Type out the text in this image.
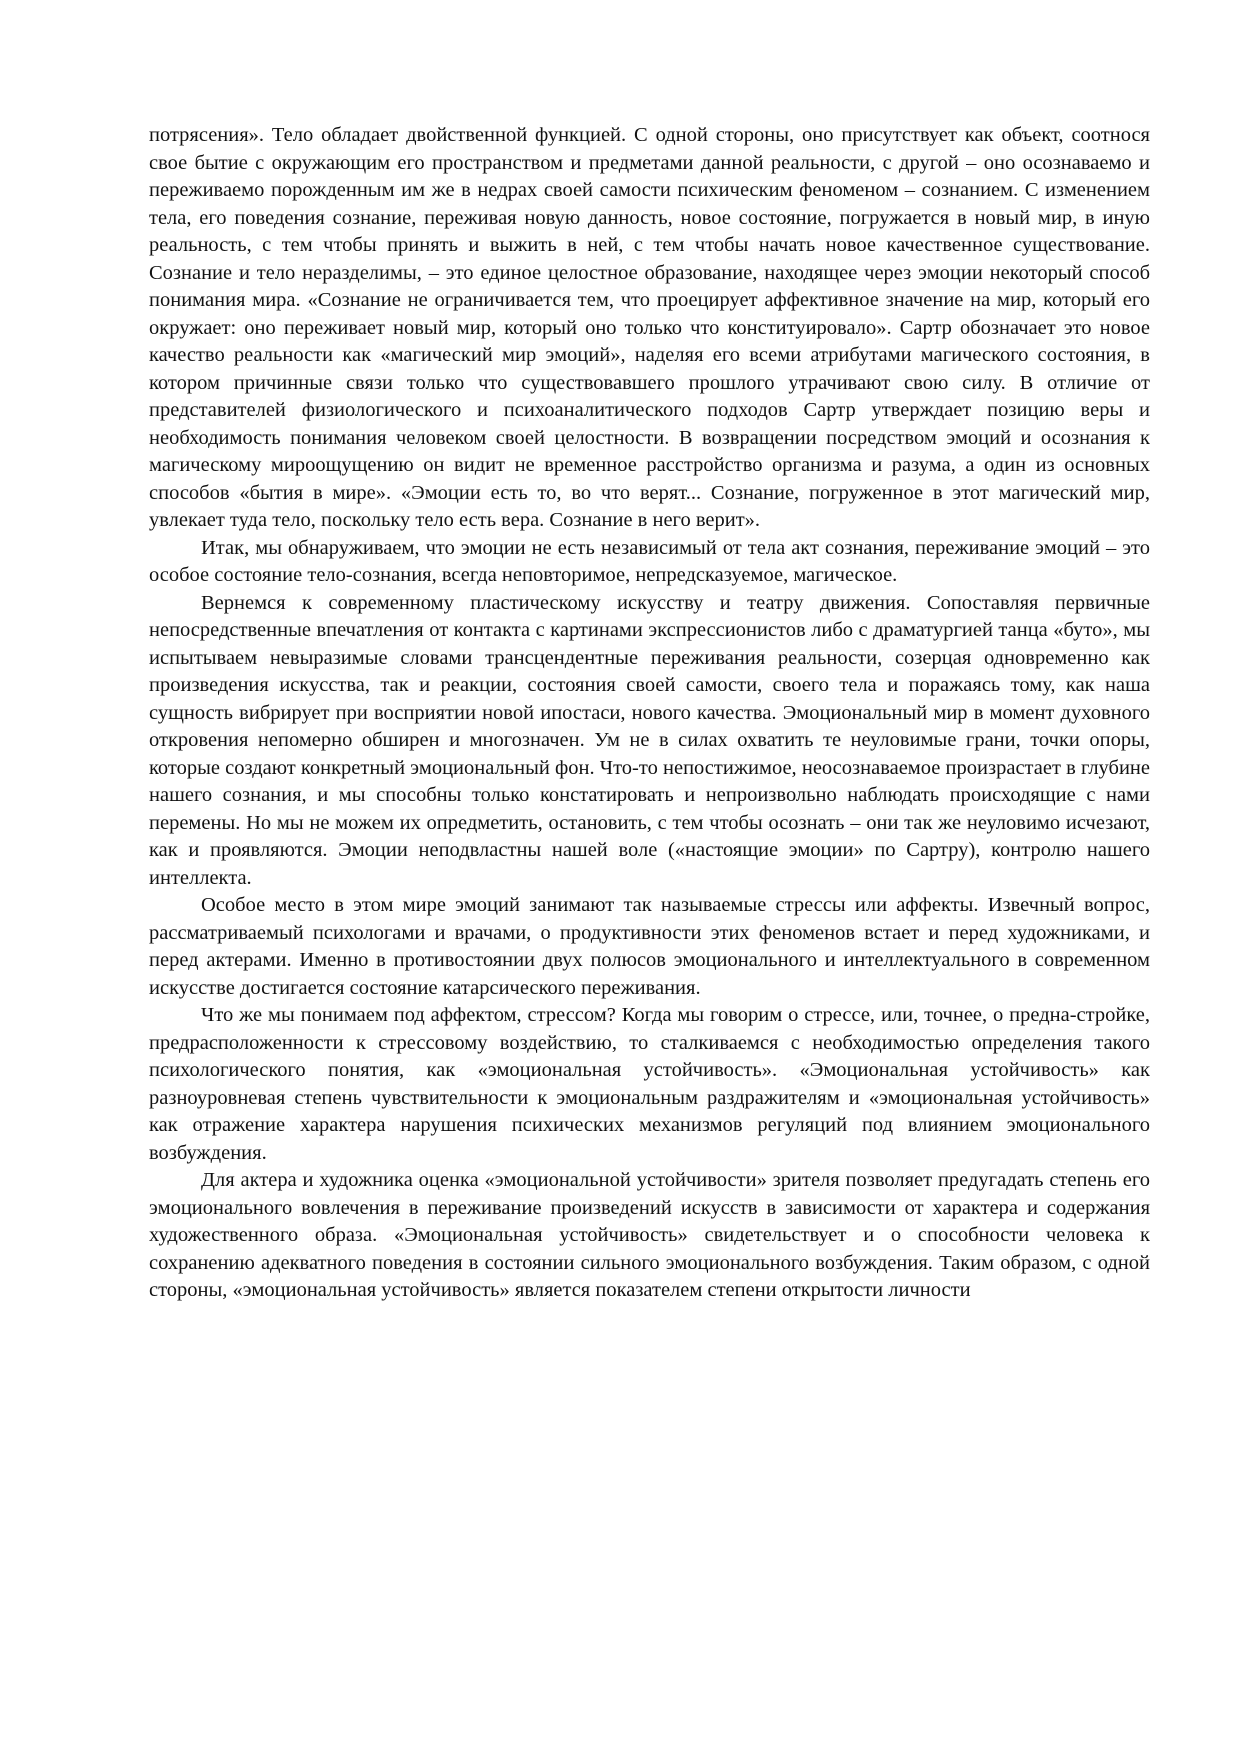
потрясения». Тело обладает двойственной функцией. С одной стороны, оно присутствует как объект, соотнося свое бытие с окружающим его пространством и предметами данной реальности, с другой – оно осознаваемо и переживаемо порожденным им же в недрах своей самости психическим феноменом – сознанием. С изменением тела, его поведения сознание, переживая новую данность, новое состояние, погружается в новый мир, в иную реальность, с тем чтобы принять и выжить в ней, с тем чтобы начать новое качественное существование. Сознание и тело неразделимы, – это единое целостное образование, находящее через эмоции некоторый способ понимания мира. «Сознание не ограничивается тем, что проецирует аффективное значение на мир, который его окружает: оно переживает новый мир, который оно только что конституировало». Сартр обозначает это новое качество реальности как «магический мир эмоций», наделяя его всеми атрибутами магического состояния, в котором причинные связи только что существовавшего прошлого утрачивают свою силу. В отличие от представителей физиологического и психоаналитического подходов Сартр утверждает позицию веры и необходимость понимания человеком своей целостности. В возвращении посредством эмоций и осознания к магическому мироощущению он видит не временное расстройство организма и разума, а один из основных способов «бытия в мире». «Эмоции есть то, во что верят... Сознание, погруженное в этот магический мир, увлекает туда тело, поскольку тело есть вера. Сознание в него верит».

Итак, мы обнаруживаем, что эмоции не есть независимый от тела акт сознания, переживание эмоций – это особое состояние тело-сознания, всегда неповторимое, непредсказуемое, магическое.

Вернемся к современному пластическому искусству и театру движения. Сопоставляя первичные непосредственные впечатления от контакта с картинами экспрессионистов либо с драматургией танца «буто», мы испытываем невыразимые словами трансцендентные переживания реальности, созерцая одновременно как произведения искусства, так и реакции, состояния своей самости, своего тела и поражаясь тому, как наша сущность вибрирует при восприятии новой ипостаси, нового качества. Эмоциональный мир в момент духовного откровения непомерно обширен и многозначен. Ум не в силах охватить те неуловимые грани, точки опоры, которые создают конкретный эмоциональный фон. Что-то непостижимое, неосознаваемое произрастает в глубине нашего сознания, и мы способны только констатировать и непроизвольно наблюдать происходящие с нами перемены. Но мы не можем их опредметить, остановить, с тем чтобы осознать – они так же неуловимо исчезают, как и проявляются. Эмоции неподвластны нашей воле («настоящие эмоции» по Сартру), контролю нашего интеллекта.

Особое место в этом мире эмоций занимают так называемые стрессы или аффекты. Извечный вопрос, рассматриваемый психологами и врачами, о продуктивности этих феноменов встает и перед художниками, и перед актерами. Именно в противостоянии двух полюсов эмоционального и интеллектуального в современном искусстве достигается состояние катарсического переживания.

Что же мы понимаем под аффектом, стрессом? Когда мы говорим о стрессе, или, точнее, о предна-стройке, предрасположенности к стрессовому воздействию, то сталкиваемся с необходимостью определения такого психологического понятия, как «эмоциональная устойчивость». «Эмоциональная устойчивость» как разноуровневая степень чувствительности к эмоциональным раздражителям и «эмоциональная устойчивость» как отражение характера нарушения психических механизмов регуляций под влиянием эмоционального возбуждения.

Для актера и художника оценка «эмоциональной устойчивости» зрителя позволяет предугадать степень его эмоционального вовлечения в переживание произведений искусств в зависимости от характера и содержания художественного образа. «Эмоциональная устойчивость» свидетельствует и о способности человека к сохранению адекватного поведения в состоянии сильного эмоционального возбуждения. Таким образом, с одной стороны, «эмоциональная устойчивость» является показателем степени открытости личности
